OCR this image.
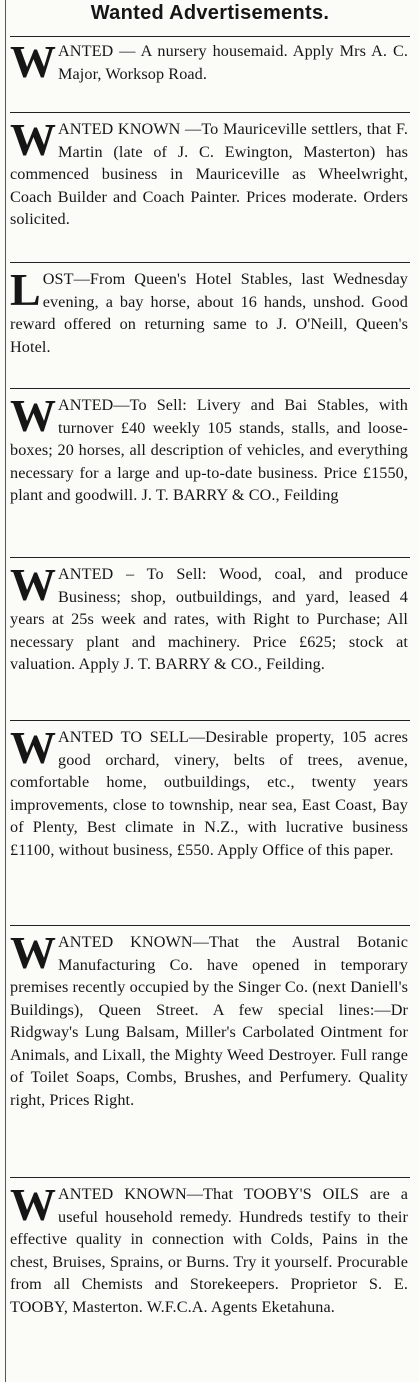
Wanted Advertisements.
WANTED — A nursery housemaid. Apply Mrs A. C. Major, Worksop Road.
WANTED KNOWN —To Mauriceville settlers, that F. Martin (late of J. C. Ewington, Masterton) has commenced business in Mauriceville as Wheelwright, Coach Builder and Coach Painter. Prices moderate. Orders solicited.
LOST—From Queen's Hotel Stables, last Wednesday evening, a bay horse, about 16 hands, unshod. Good reward offered on returning same to J. O'Neill, Queen's Hotel.
WANTED—To Sell: Livery and Bai Stables, with turnover £40 weekly 105 stands, stalls, and loose-boxes; 20 horses, all description of vehicles, and everything necessary for a large and up-to-date business. Price £1550, plant and goodwill. J. T. BARRY & CO., Feilding
WANTED – To Sell: Wood, coal, and produce Business; shop, outbuildings, and yard, leased 4 years at 25s week and rates, with Right to Purchase; All necessary plant and machinery. Price £625; stock at valuation. Apply J. T. BARRY & CO., Feilding.
WANTED TO SELL—Desirable property, 105 acres good orchard, vinery, belts of trees, avenue, comfortable home, outbuildings, etc., twenty years improvements, close to township, near sea, East Coast, Bay of Plenty, Best climate in N.Z., with lucrative business £1100, without business, £550. Apply Office of this paper.
WANTED KNOWN—That the Austral Botanic Manufacturing Co. have opened in temporary premises recently occupied by the Singer Co. (next Daniell's Buildings), Queen Street. A few special lines:—Dr Ridgway's Lung Balsam, Miller's Carbolated Ointment for Animals, and Lixall, the Mighty Weed Destroyer. Full range of Toilet Soaps, Combs, Brushes, and Perfumery. Quality right, Prices Right.
WANTED KNOWN—That TOOBY'S OILS are a useful household remedy. Hundreds testify to their effective quality in connection with Colds, Pains in the chest, Bruises, Sprains, or Burns. Try it yourself. Procurable from all Chemists and Storekeepers. Proprietor S. E. TOOBY, Masterton. W.F.C.A. Agents Eketahuna.
